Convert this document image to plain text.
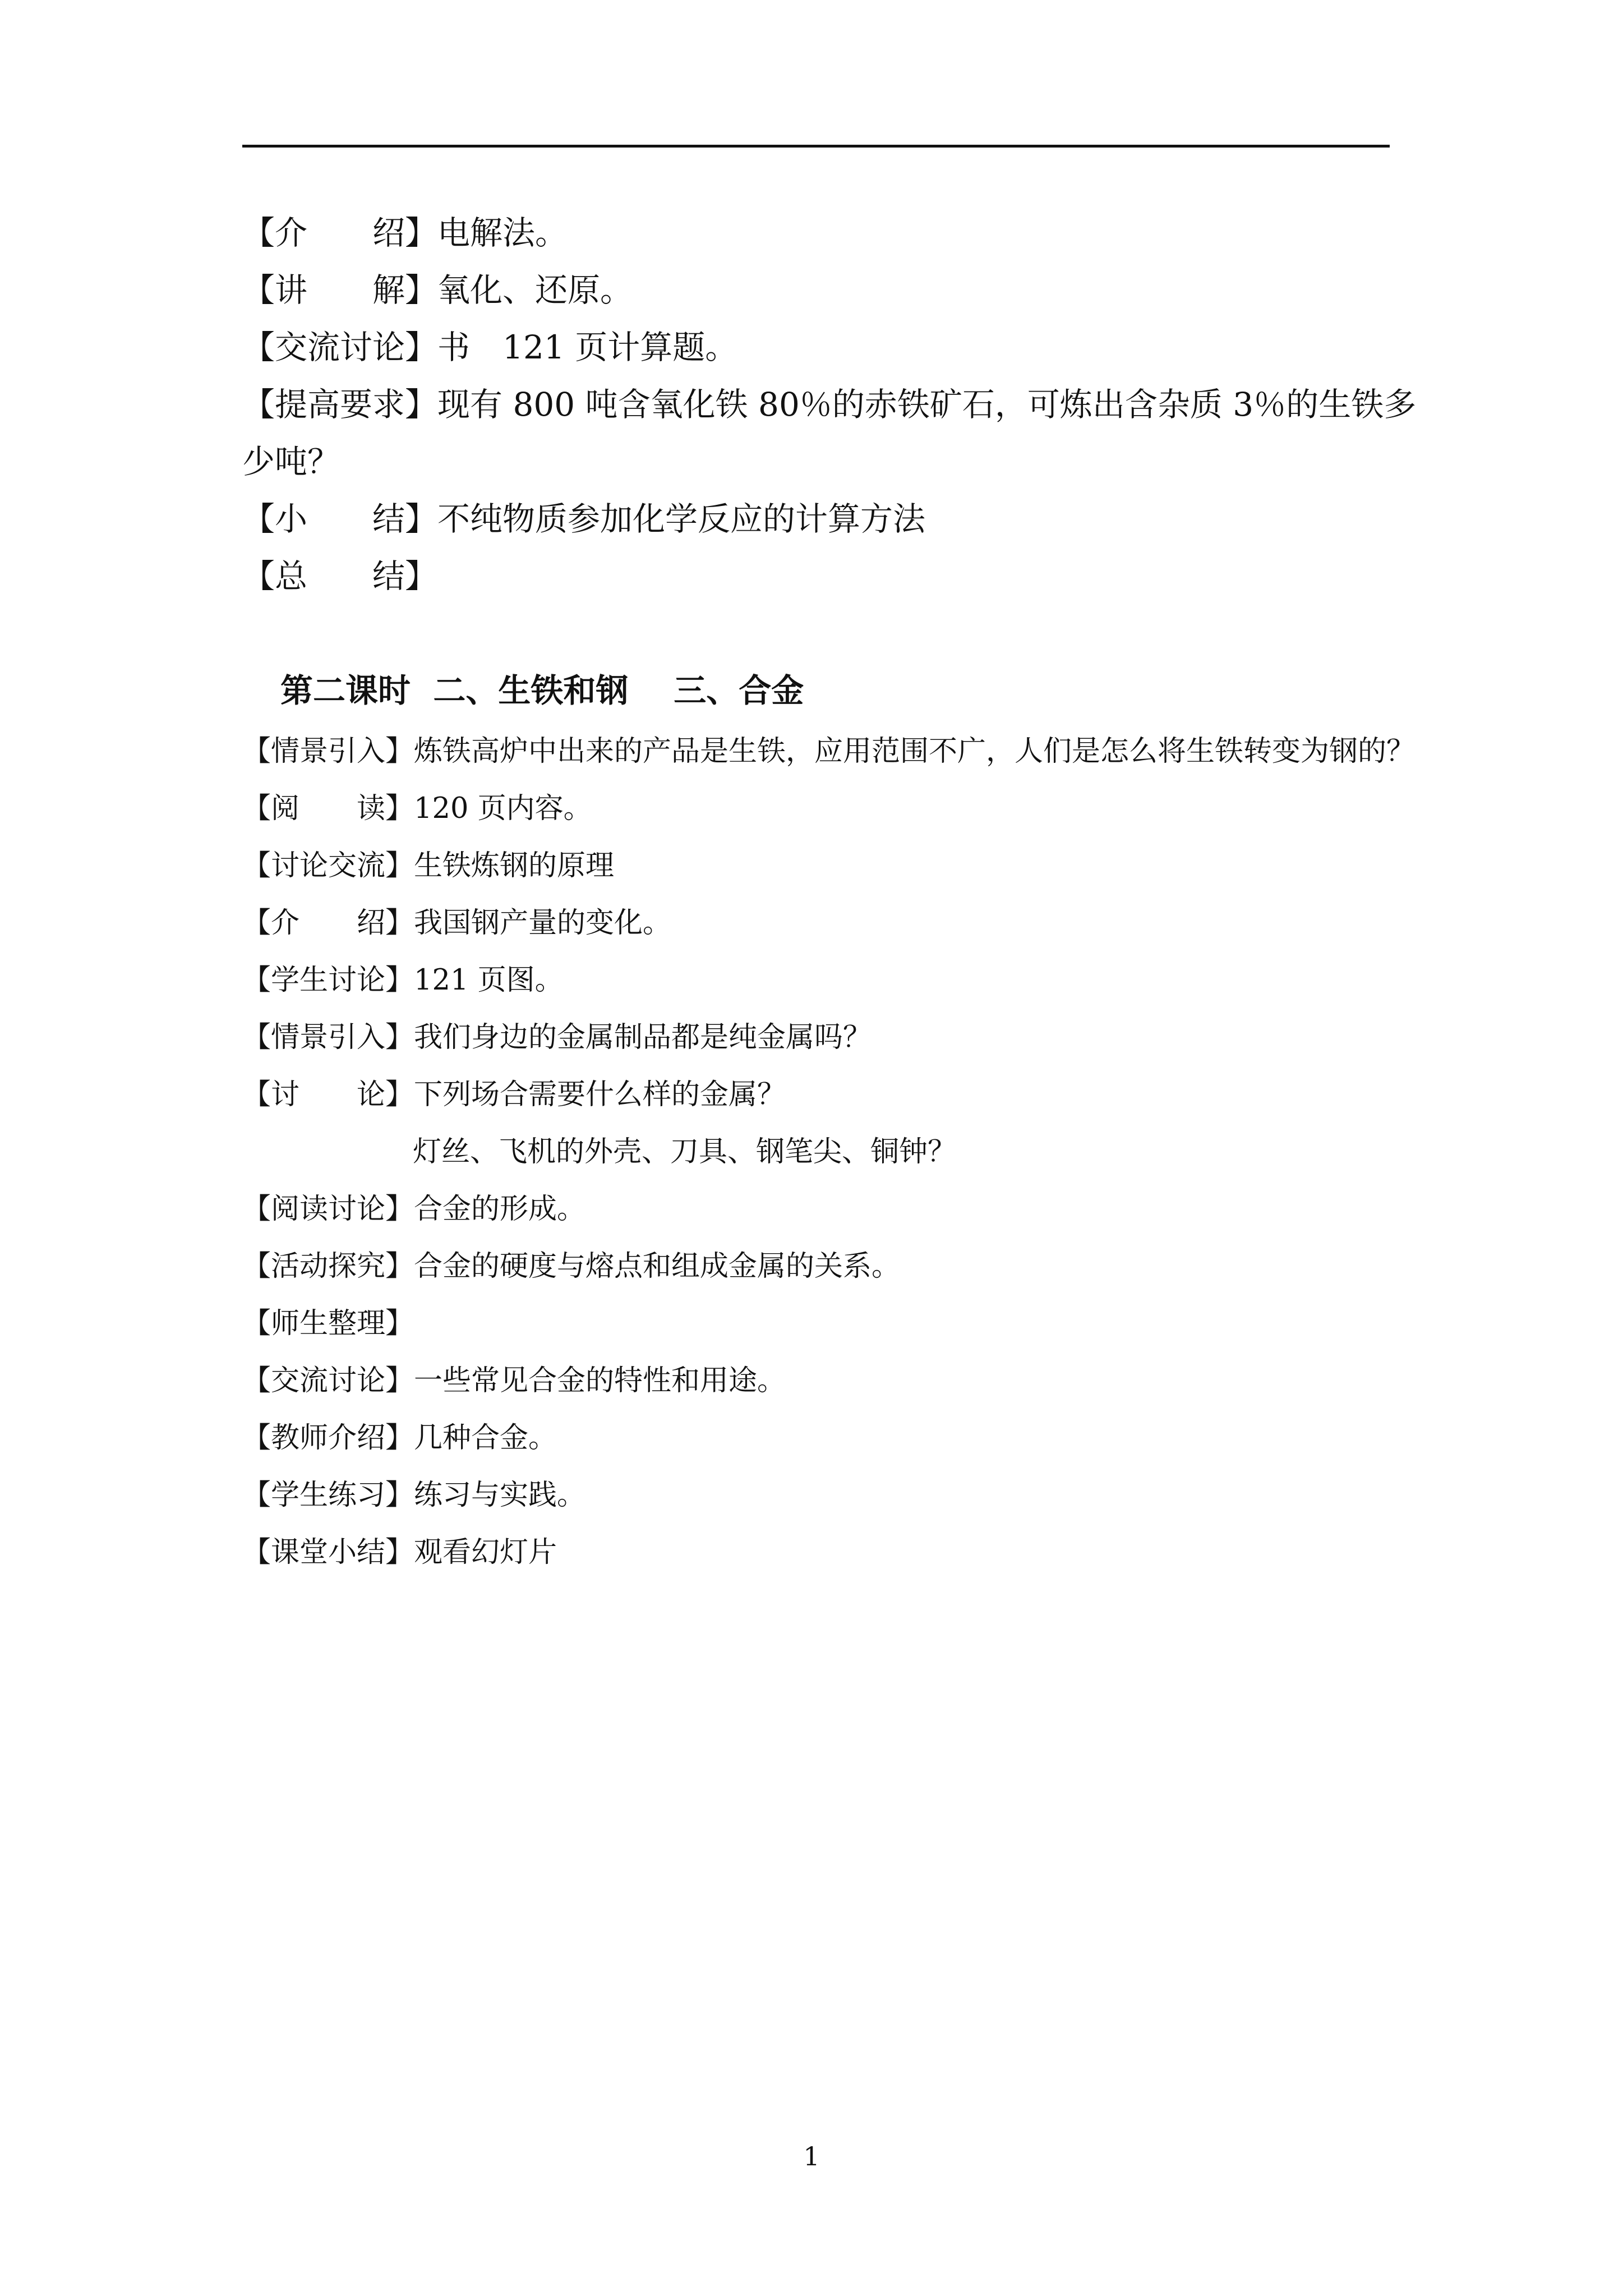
【介　　绍】电解法。
【讲　　解】氧化、还原。
【交流讨论】书　121 页计算题。
【提高要求】现有 800 吨含氧化铁 80％的赤铁矿石，可炼出含杂质 3％的生铁多
少吨？
【小　　结】不纯物质参加化学反应的计算方法
【总　　结】
第二课时 二、生铁和钢 三、合金
【情景引入】炼铁高炉中出来的产品是生铁，应用范围不广，人们是怎么将生铁转变为钢的？
【阅　　读】120 页内容。
【讨论交流】生铁炼钢的原理
【介　　绍】我国钢产量的变化。
【学生讨论】121 页图。
【情景引入】我们身边的金属制品都是纯金属吗？
【讨　　论】下列场合需要什么样的金属？
灯丝、飞机的外壳、刀具、钢笔尖、铜钟？
【阅读讨论】合金的形成。
【活动探究】合金的硬度与熔点和组成金属的关系。
【师生整理】
【交流讨论】一些常见合金的特性和用途。
【教师介绍】几种合金。
【学生练习】练习与实践。
【课堂小结】观看幻灯片
1
